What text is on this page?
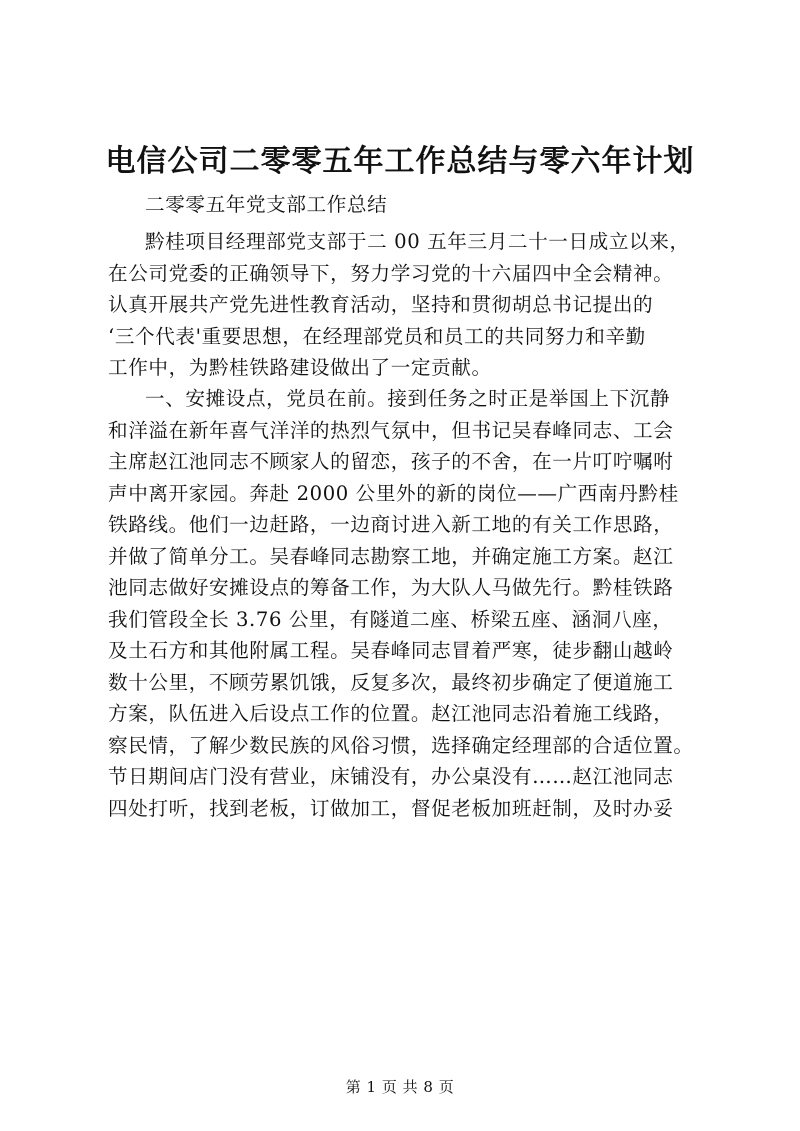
电信公司二零零五年工作总结与零六年计划
二零零五年党支部工作总结
黔桂项目经理部党支部于二 00 五年三月二十一日成立以来，
在公司党委的正确领导下，努力学习党的十六届四中全会精神。
认真开展共产党先进性教育活动，坚持和贯彻胡总书记提出的
‘三个代表'重要思想，在经理部党员和员工的共同努力和辛勤
工作中，为黔桂铁路建设做出了一定贡献。
一、安摊设点，党员在前。接到任务之时正是举国上下沉静
和洋溢在新年喜气洋洋的热烈气氛中，但书记吴春峰同志、工会
主席赵江池同志不顾家人的留恋，孩子的不舍，在一片叮咛嘱咐
声中离开家园。奔赴 2000 公里外的新的岗位——广西南丹黔桂
铁路线。他们一边赶路，一边商讨进入新工地的有关工作思路，
并做了简单分工。吴春峰同志勘察工地，并确定施工方案。赵江
池同志做好安摊设点的筹备工作，为大队人马做先行。黔桂铁路
我们管段全长 3.76 公里，有隧道二座、桥梁五座、涵洞八座，
及土石方和其他附属工程。吴春峰同志冒着严寒，徒步翻山越岭
数十公里，不顾劳累饥饿，反复多次，最终初步确定了便道施工
方案，队伍进入后设点工作的位置。赵江池同志沿着施工线路，
察民情，了解少数民族的风俗习惯，选择确定经理部的合适位置。
节日期间店门没有营业，床铺没有，办公桌没有……赵江池同志
四处打听，找到老板，订做加工，督促老板加班赶制，及时办妥
第 1 页 共 8 页
